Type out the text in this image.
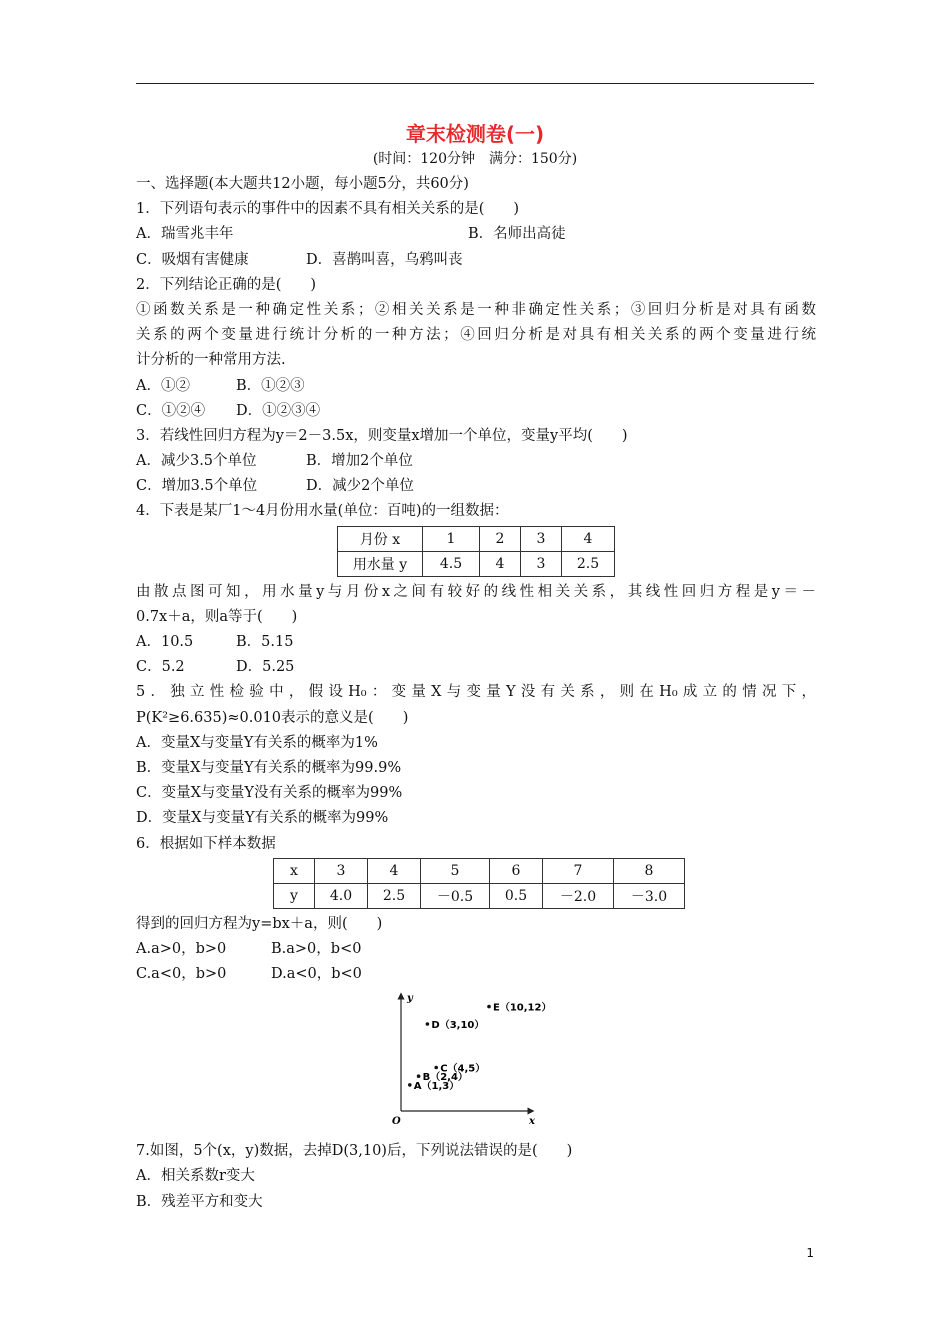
章末检测卷(一)
(时间：120分钟　满分：150分)
一、选择题(本大题共12小题，每小题5分，共60分)
1．下列语句表示的事件中的因素不具有相关关系的是(　　)
A．瑞雪兆丰年	B．名师出高徒
C．吸烟有害健康	D．喜鹊叫喜，乌鸦叫丧
2．下列结论正确的是(　　)
①函数关系是一种确定性关系；②相关关系是一种非确定性关系；③回归分析是对具有函数
关系的两个变量进行统计分析的一种方法；④回归分析是对具有相关关系的两个变量进行统
计分析的一种常用方法.
A．①②	B．①②③
C．①②④ D．①②③④
3．若线性回归方程为y＝2－3.5x，则变量x增加一个单位，变量y平均(　　)
A．减少3.5个单位	B．增加2个单位
C．增加3.5个单位	D．减少2个单位
4．下表是某厂1～4月份用水量(单位：百吨)的一组数据：
月份 x	1	2	3	4
用水量 y	4.5	4	3	2.5
由散点图可知，用水量y与月份x之间有较好的线性相关关系，其线性回归方程是y＝－
0.7x＋a，则a等于(　　)
A．10.5	B．5.15
C．5.2	D．5.25
5．独立性检验中，假设H₀：变量X与变量Y没有关系，则在H₀成立的情况下，
P(K²≥6.635)≈0.010表示的意义是(　　)
A．变量X与变量Y有关系的概率为1%
B．变量X与变量Y有关系的概率为99.9%
C．变量X与变量Y没有关系的概率为99%
D．变量X与变量Y有关系的概率为99%
6．根据如下样本数据
x	3	4	5	6	7	8
y	4.0	2.5	－0.5	0.5	－2.0	－3.0
得到的回归方程为y=bx＋a，则(　　)
A.a>0，b>0	B.a>0，b<0
C.a<0，b>0	D.a<0，b<0
y
x
O
A（1,3）
B（2,4）
C（4,5）
D（3,10）
E（10,12）
7.如图，5个(x，y)数据，去掉D(3,10)后，下列说法错误的是(　　)
A．相关系数r变大
B．残差平方和变大
1
